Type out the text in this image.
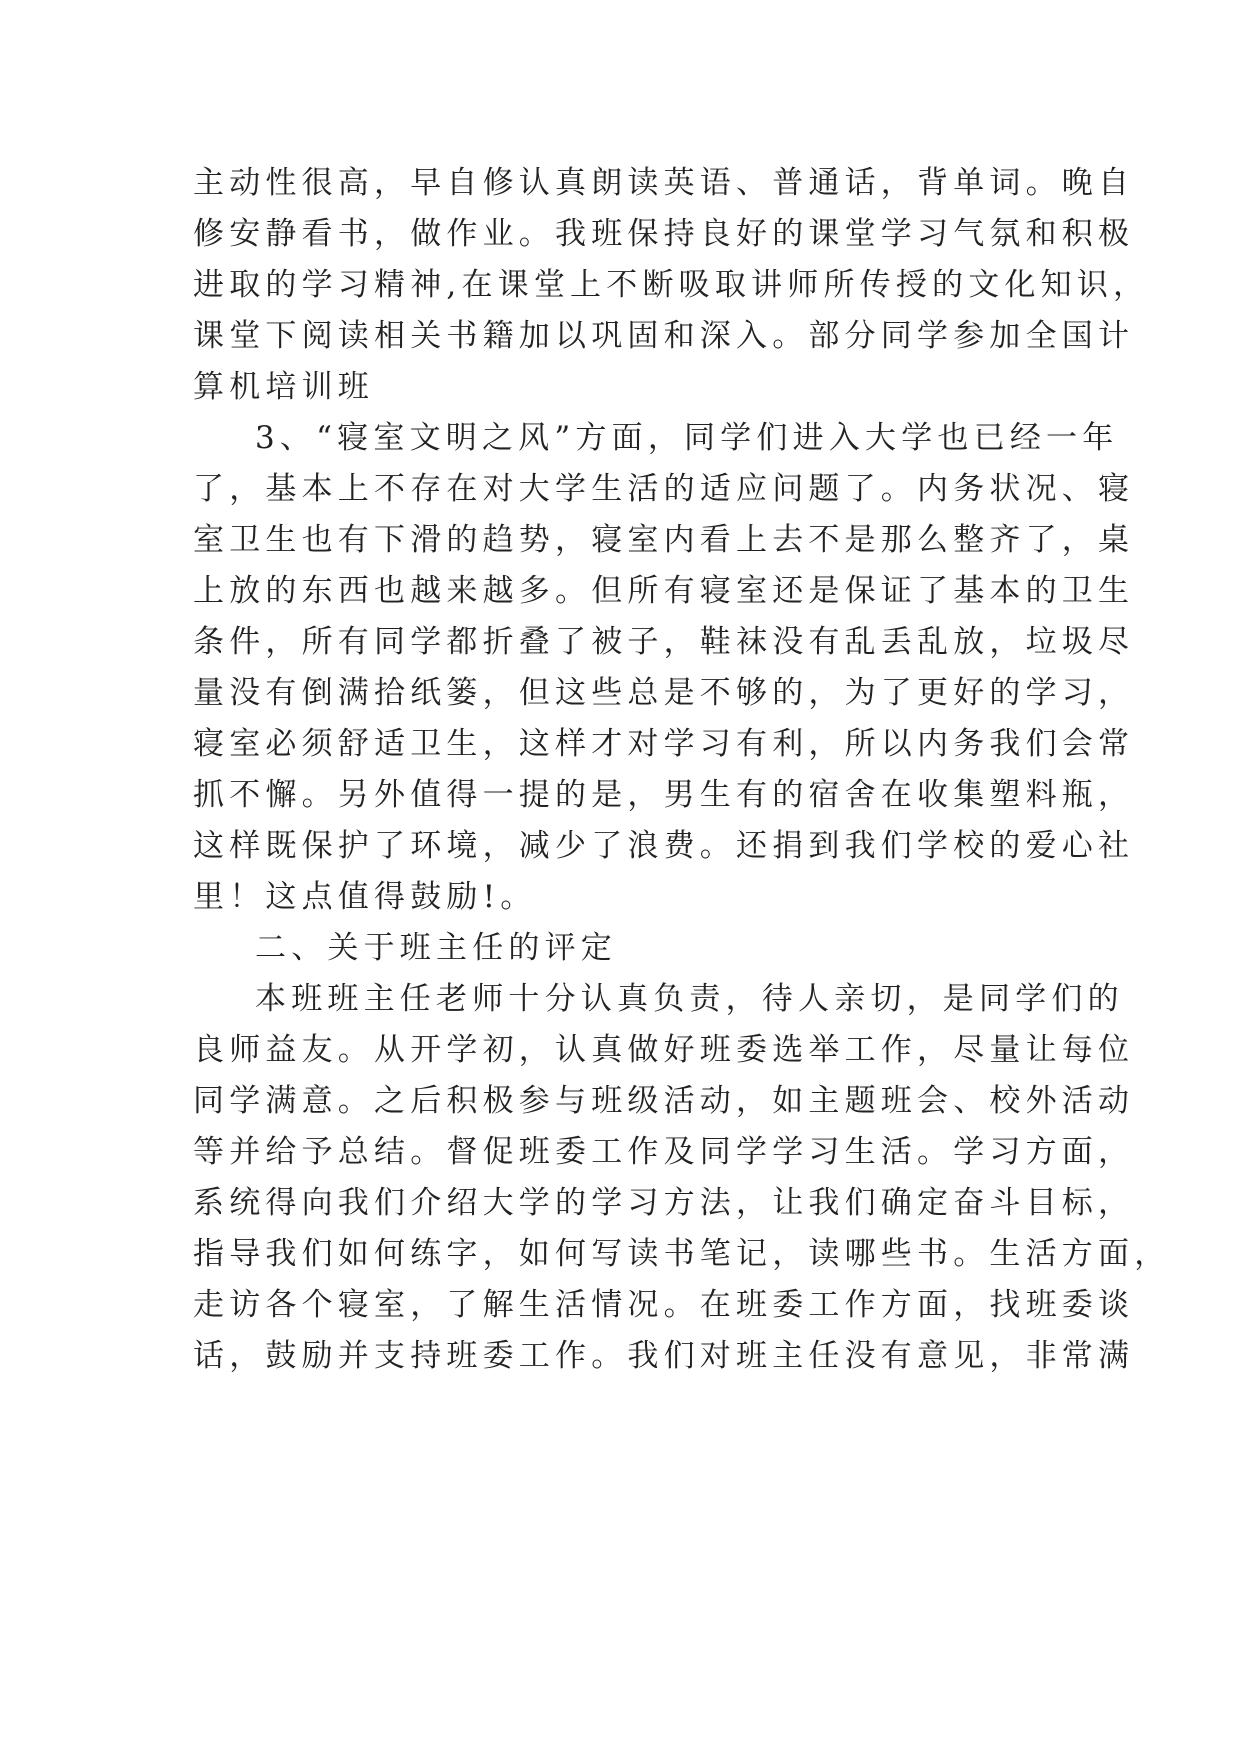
主动性很高，早自修认真朗读英语、普通话，背单词。晚自
修安静看书，做作业。我班保持良好的课堂学习气氛和积极
进取的学习精神,在课堂上不断吸取讲师所传授的文化知识，
课堂下阅读相关书籍加以巩固和深入。部分同学参加全国计
算机培训班
3、“寝室文明之风”方面，同学们进入大学也已经一年
了，基本上不存在对大学生活的适应问题了。内务状况、寝
室卫生也有下滑的趋势，寝室内看上去不是那么整齐了，桌
上放的东西也越来越多。但所有寝室还是保证了基本的卫生
条件，所有同学都折叠了被子，鞋袜没有乱丢乱放，垃圾尽
量没有倒满拾纸篓，但这些总是不够的，为了更好的学习，
寝室必须舒适卫生，这样才对学习有利，所以内务我们会常
抓不懈。另外值得一提的是，男生有的宿舍在收集塑料瓶，
这样既保护了环境，减少了浪费。还捐到我们学校的爱心社
里！这点值得鼓励!。
二、关于班主任的评定
本班班主任老师十分认真负责，待人亲切，是同学们的
良师益友。从开学初，认真做好班委选举工作，尽量让每位
同学满意。之后积极参与班级活动，如主题班会、校外活动
等并给予总结。督促班委工作及同学学习生活。学习方面，
系统得向我们介绍大学的学习方法，让我们确定奋斗目标，
指导我们如何练字，如何写读书笔记，读哪些书。生活方面，
走访各个寝室，了解生活情况。在班委工作方面，找班委谈
话，鼓励并支持班委工作。我们对班主任没有意见，非常满
